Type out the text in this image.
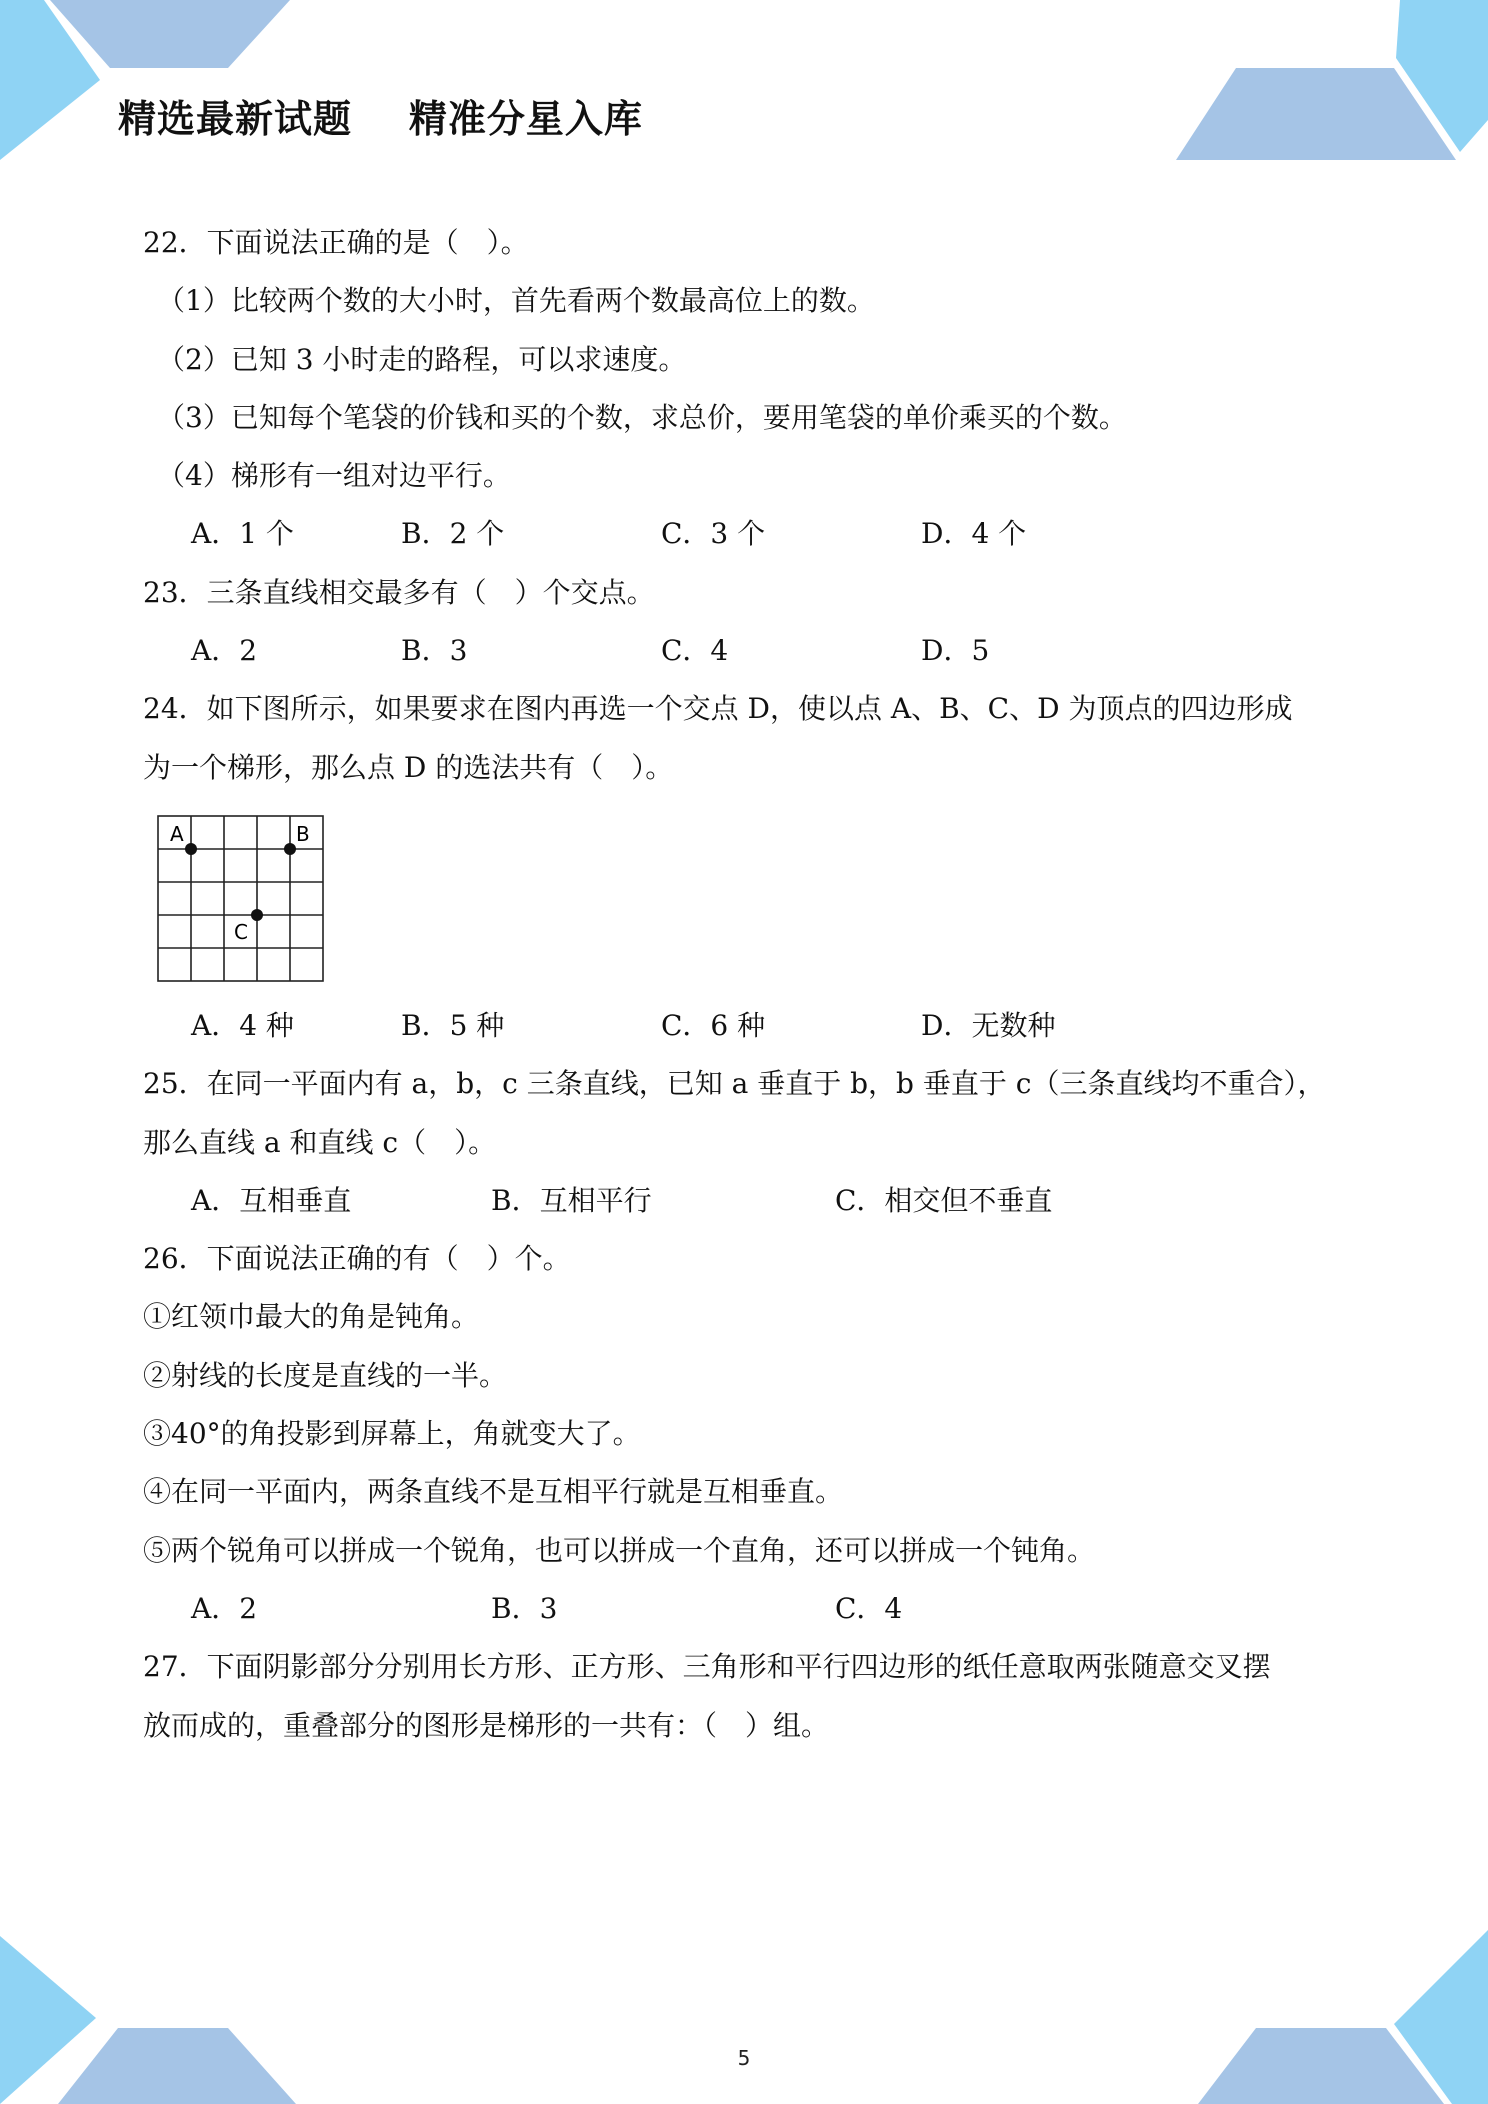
精选最新试题    精准分星入库
22．下面说法正确的是（　）。
（1）比较两个数的大小时，首先看两个数最高位上的数。
（2）已知 3 小时走的路程，可以求速度。
（3）已知每个笔袋的价钱和买的个数，求总价，要用笔袋的单价乘买的个数。
（4）梯形有一组对边平行。
A．1 个	B．2 个	C．3 个	D．4 个
23．三条直线相交最多有（　）个交点。
A．2	B．3	C．4	D．5
24．如下图所示，如果要求在图内再选一个交点 D，使以点 A、B、C、D 为顶点的四边形成
为一个梯形，那么点 D 的选法共有（　）。
A	B
C
A．4 种	B．5 种	C．6 种	D．无数种
25．在同一平面内有 a，b，c 三条直线，已知 a 垂直于 b，b 垂直于 c（三条直线均不重合），
那么直线 a 和直线 c（　）。
A．互相垂直	B．互相平行	C．相交但不垂直
26．下面说法正确的有（　）个。
①红领巾最大的角是钝角。
②射线的长度是直线的一半。
③40°的角投影到屏幕上，角就变大了。
④在同一平面内，两条直线不是互相平行就是互相垂直。
⑤两个锐角可以拼成一个锐角，也可以拼成一个直角，还可以拼成一个钝角。
A．2	B．3	C．4
27．下面阴影部分分别用长方形、正方形、三角形和平行四边形的纸任意取两张随意交叉摆
放而成的，重叠部分的图形是梯形的一共有：（　）组。
5
